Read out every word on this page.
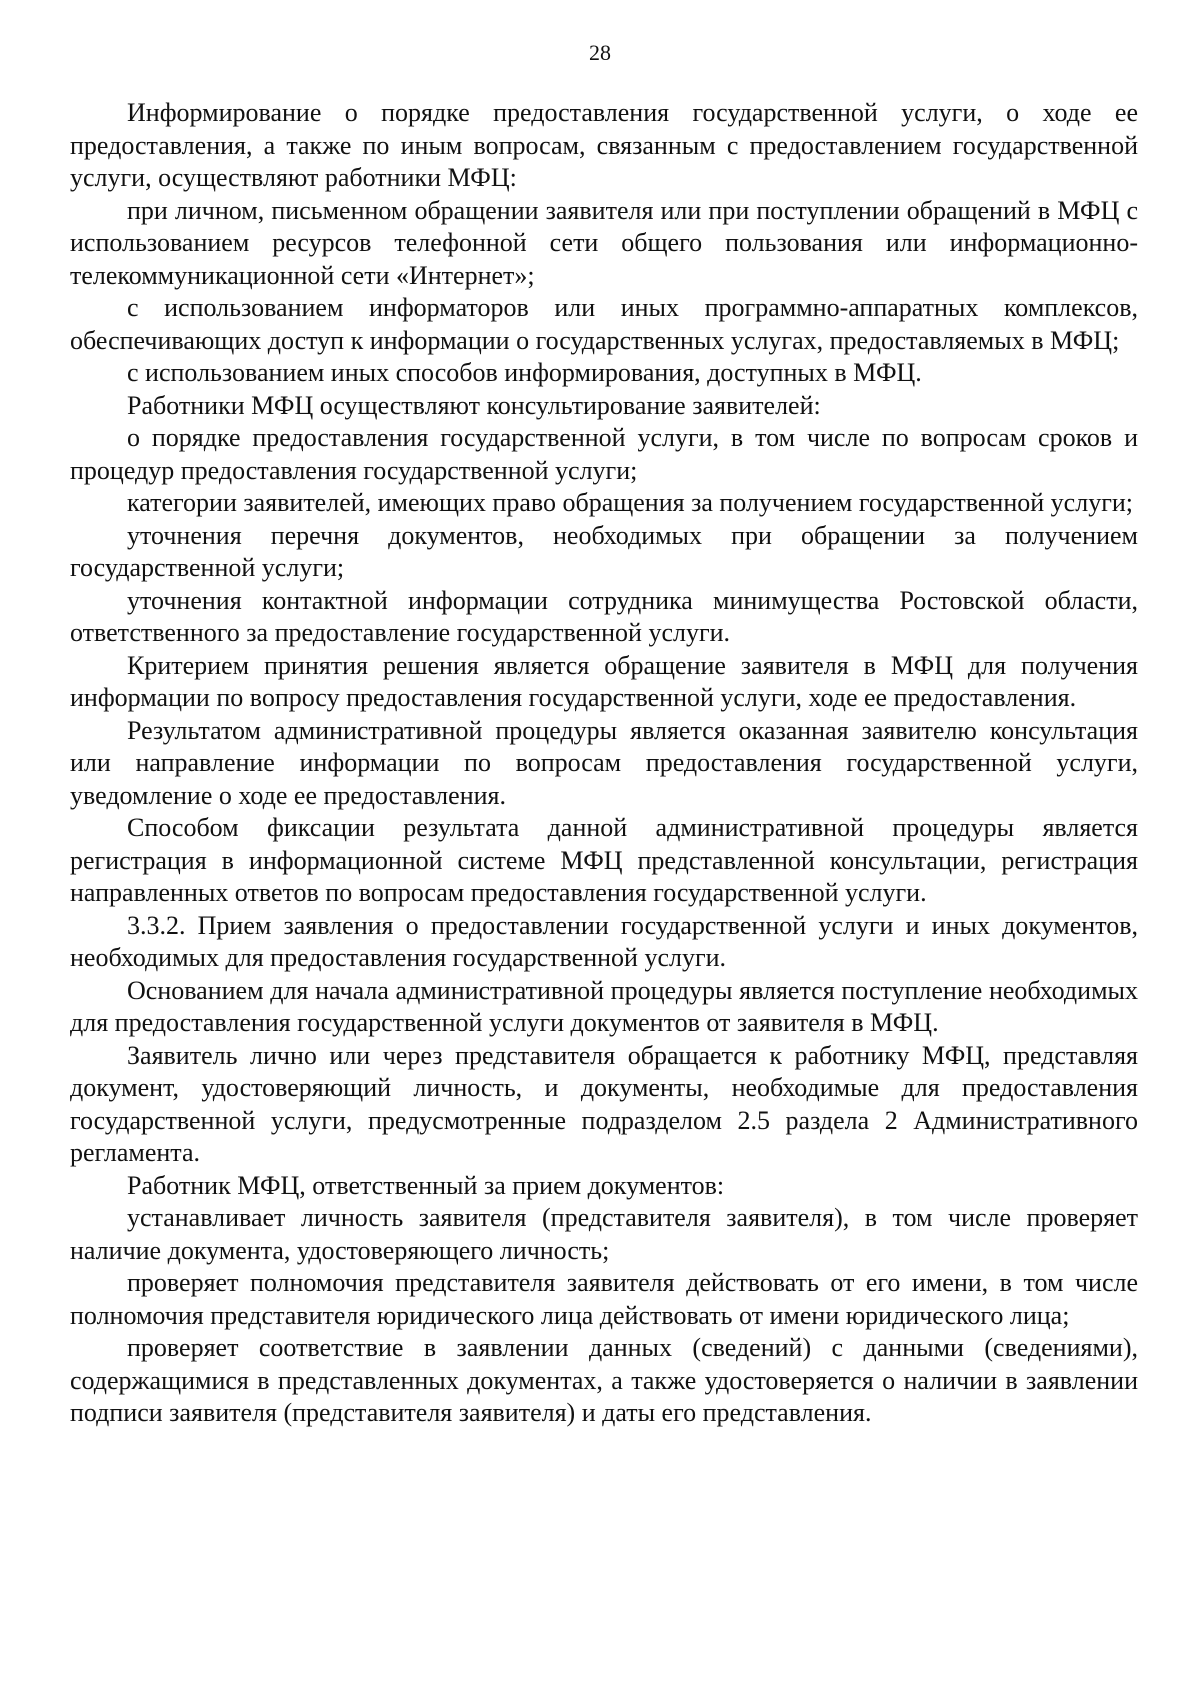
28

Информирование о порядке предоставления государственной услуги, о ходе ее предоставления, а также по иным вопросам, связанным с предоставлением государственной услуги, осуществляют работники МФЦ:

при личном, письменном обращении заявителя или при поступлении обращений в МФЦ с использованием ресурсов телефонной сети общего пользования или информационно-телекоммуникационной сети «Интернет»;

с использованием информаторов или иных программно-аппаратных комплексов, обеспечивающих доступ к информации о государственных услугах, предоставляемых в МФЦ;

с использованием иных способов информирования, доступных в МФЦ.

Работники МФЦ осуществляют консультирование заявителей:

о порядке предоставления государственной услуги, в том числе по вопросам сроков и процедур предоставления государственной услуги;

категории заявителей, имеющих право обращения за получением государственной услуги;

уточнения перечня документов, необходимых при обращении за получением государственной услуги;

уточнения контактной информации сотрудника минимущества Ростовской области, ответственного за предоставление государственной услуги.

Критерием принятия решения является обращение заявителя в МФЦ для получения информации по вопросу предоставления государственной услуги, ходе ее предоставления.

Результатом административной процедуры является оказанная заявителю консультация или направление информации по вопросам предоставления государственной услуги, уведомление о ходе ее предоставления.

Способом фиксации результата данной административной процедуры является регистрация в информационной системе МФЦ представленной консультации, регистрация направленных ответов по вопросам предоставления государственной услуги.

3.3.2. Прием заявления о предоставлении государственной услуги и иных документов, необходимых для предоставления государственной услуги.

Основанием для начала административной процедуры является поступление необходимых для предоставления государственной услуги документов от заявителя в МФЦ.

Заявитель лично или через представителя обращается к работнику МФЦ, представляя документ, удостоверяющий личность, и документы, необходимые для предоставления государственной услуги, предусмотренные подразделом 2.5 раздела 2 Административного регламента.

Работник МФЦ, ответственный за прием документов:

устанавливает личность заявителя (представителя заявителя), в том числе проверяет наличие документа, удостоверяющего личность;

проверяет полномочия представителя заявителя действовать от его имени, в том числе полномочия представителя юридического лица действовать от имени юридического лица;

проверяет соответствие в заявлении данных (сведений) с данными (сведениями), содержащимися в представленных документах, а также удостоверяется о наличии в заявлении подписи заявителя (представителя заявителя) и даты его представления.
